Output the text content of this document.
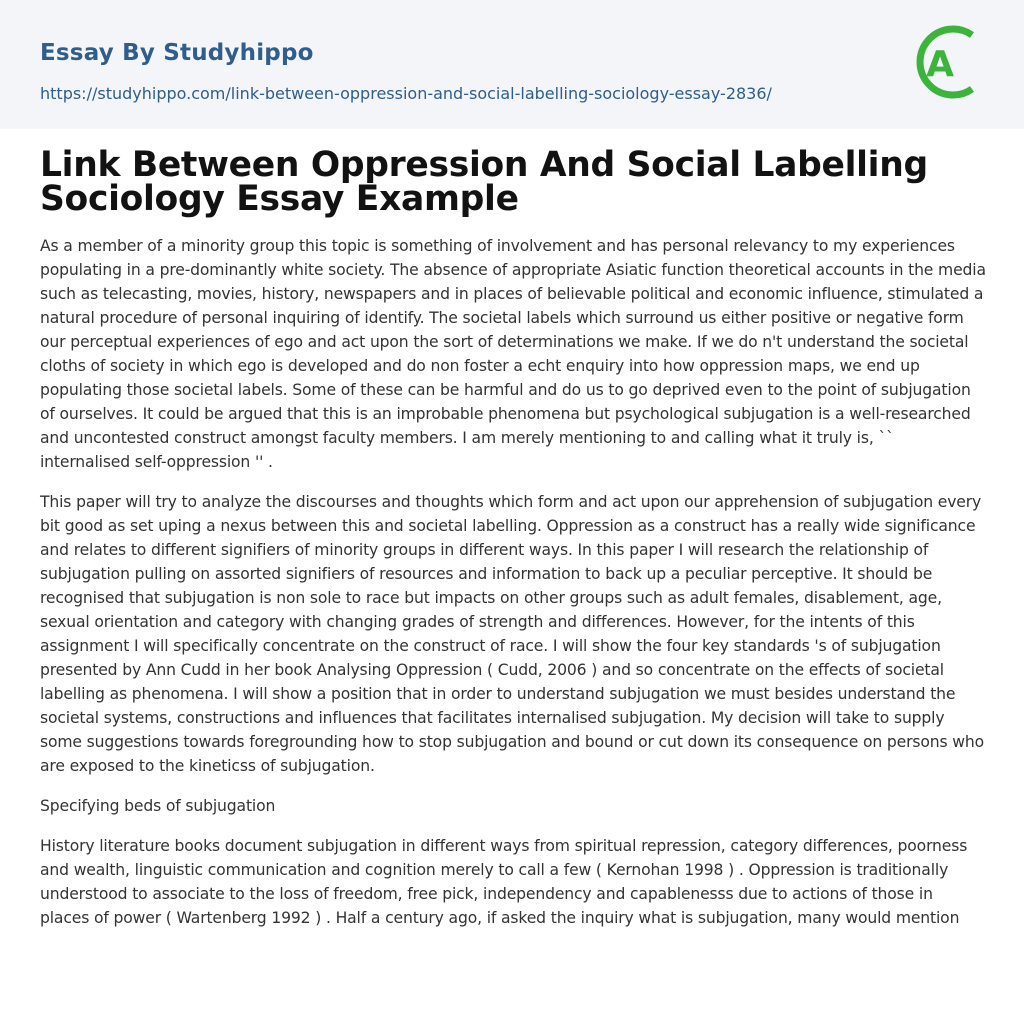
Essay By Studyhippo
https://studyhippo.com/link-between-oppression-and-social-labelling-sociology-essay-2836/
A
Link Between Oppression And Social Labelling Sociology Essay Example

As a member of a minority group this topic is something of involvement and has personal relevancy to my experiences populating in a pre-dominantly white society. The absence of appropriate Asiatic function theoretical accounts in the media such as telecasting, movies, history, newspapers and in places of believable political and economic influence, stimulated a natural procedure of personal inquiring of identify. The societal labels which surround us either positive or negative form our perceptual experiences of ego and act upon the sort of determinations we make. If we do n't understand the societal cloths of society in which ego is developed and do non foster a echt enquiry into how oppression maps, we end up populating those societal labels. Some of these can be harmful and do us to go deprived even to the point of subjugation of ourselves. It could be argued that this is an improbable phenomena but psychological subjugation is a well-researched and uncontested construct amongst faculty members. I am merely mentioning to and calling what it truly is, `` internalised self-oppression '' .

This paper will try to analyze the discourses and thoughts which form and act upon our apprehension of subjugation every bit good as set uping a nexus between this and societal labelling. Oppression as a construct has a really wide significance and relates to different signifiers of minority groups in different ways. In this paper I will research the relationship of subjugation pulling on assorted signifiers of resources and information to back up a peculiar perceptive. It should be recognised that subjugation is non sole to race but impacts on other groups such as adult females, disablement, age, sexual orientation and category with changing grades of strength and differences. However, for the intents of this assignment I will specifically concentrate on the construct of race. I will show the four key standards 's of subjugation presented by Ann Cudd in her book Analysing Oppression ( Cudd, 2006 ) and so concentrate on the effects of societal labelling as phenomena. I will show a position that in order to understand subjugation we must besides understand the societal systems, constructions and influences that facilitates internalised subjugation. My decision will take to supply some suggestions towards foregrounding how to stop subjugation and bound or cut down its consequence on persons who are exposed to the kineticss of subjugation.

Specifying beds of subjugation

History literature books document subjugation in different ways from spiritual repression, category differences, poorness and wealth, linguistic communication and cognition merely to call a few ( Kernohan 1998 ) . Oppression is traditionally understood to associate to the loss of freedom, free pick, independency and capablenesss due to actions of those in places of power ( Wartenberg 1992 ) . Half a century ago, if asked the inquiry what is subjugation, many would mention
